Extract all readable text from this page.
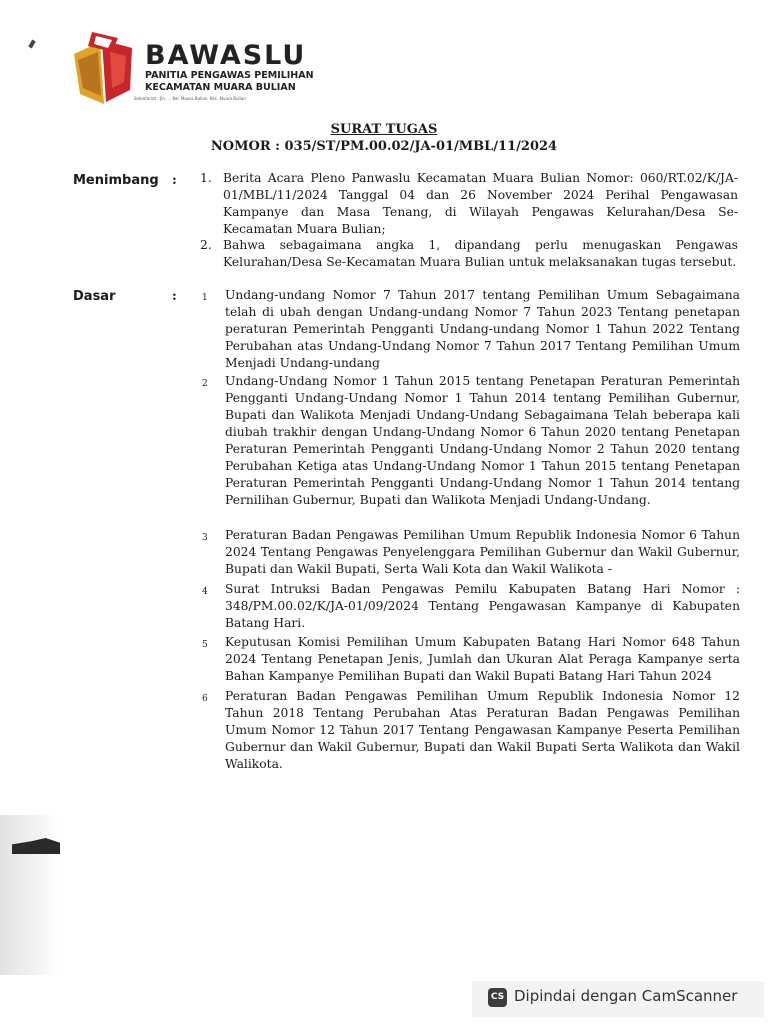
BAWASLU
PANITIA PENGAWAS PEMILIHAN
KECAMATAN MUARA BULIAN
Sekretariat : Jln. ... Kel. Muara Bulian, Kec. Muara Bulian
SURAT TUGAS
NOMOR : 035/ST/PM.00.02/JA-01/MBL/11/2024
Menimbang : 1. Berita Acara Pleno Panwaslu Kecamatan Muara Bulian Nomor: 060/RT.02/K/JA-01/MBL/11/2024 Tanggal 04 dan 26 November 2024 Perihal Pengawasan Kampanye dan Masa Tenang, di Wilayah Pengawas Kelurahan/Desa Se-Kecamatan Muara Bulian;
2. Bahwa sebagaimana angka 1, dipandang perlu menugaskan Pengawas Kelurahan/Desa Se-Kecamatan Muara Bulian untuk melaksanakan tugas tersebut.
Dasar	:	1 Undang-undang Nomor 7 Tahun 2017 tentang Pemilihan Umum Sebagaimana telah di ubah dengan Undang-undang Nomor 7 Tahun 2023 Tentang penetapan peraturan Pemerintah Pengganti Undang-undang Nomor 1 Tahun 2022 Tentang Perubahan atas Undang-Undang Nomor 7 Tahun 2017 Tentang Pemilihan Umum Menjadi Undang-undang
2 Undang-Undang Nomor 1 Tahun 2015 tentang Penetapan Peraturan Pemerintah Pengganti Undang-Undang Nomor 1 Tahun 2014 tentang Pemilihan Gubernur, Bupati dan Walikota Menjadi Undang-Undang Sebagaimana Telah beberapa kali diubah trakhir dengan Undang-Undang Nomor 6 Tahun 2020 tentang Penetapan Peraturan Pemerintah Pengganti Undang-Undang Nomor 2 Tahun 2020 tentang Perubahan Ketiga atas Undang-Undang Nomor 1 Tahun 2015 tentang Penetapan Peraturan Pemerintah Pengganti Undang-Undang Nomor 1 Tahun 2014 tentang Pernilihan Gubernur, Bupati dan Walikota Menjadi Undang-Undang.
3 Peraturan Badan Pengawas Pemilihan Umum Republik Indonesia Nomor 6 Tahun 2024 Tentang Pengawas Penyelenggara Pemilihan Gubernur dan Wakil Gubernur, Bupati dan Wakil Bupati, Serta Wali Kota dan Wakil Walikota -
4 Surat Intruksi Badan Pengawas Pemilu Kabupaten Batang Hari Nomor : 348/PM.00.02/K/JA-01/09/2024 Tentang Pengawasan Kampanye di Kabupaten Batang Hari.
5 Keputusan Komisi Pemilihan Umum Kabupaten Batang Hari Nomor 648 Tahun 2024 Tentang Penetapan Jenis, Jumlah dan Ukuran Alat Peraga Kampanye serta Bahan Kampanye Pemilihan Bupati dan Wakil Bupati Batang Hari Tahun 2024
6 Peraturan Badan Pengawas Pemilihan Umum Republik Indonesia Nomor 12 Tahun 2018 Tentang Perubahan Atas Peraturan Badan Pengawas Pemilihan Umum Nomor 12 Tahun 2017 Tentang Pengawasan Kampanye Peserta Pemilihan Gubernur dan Wakil Gubernur, Bupati dan Wakil Bupati Serta Walikota dan Wakil Walikota.
CS Dipindai dengan CamScanner
